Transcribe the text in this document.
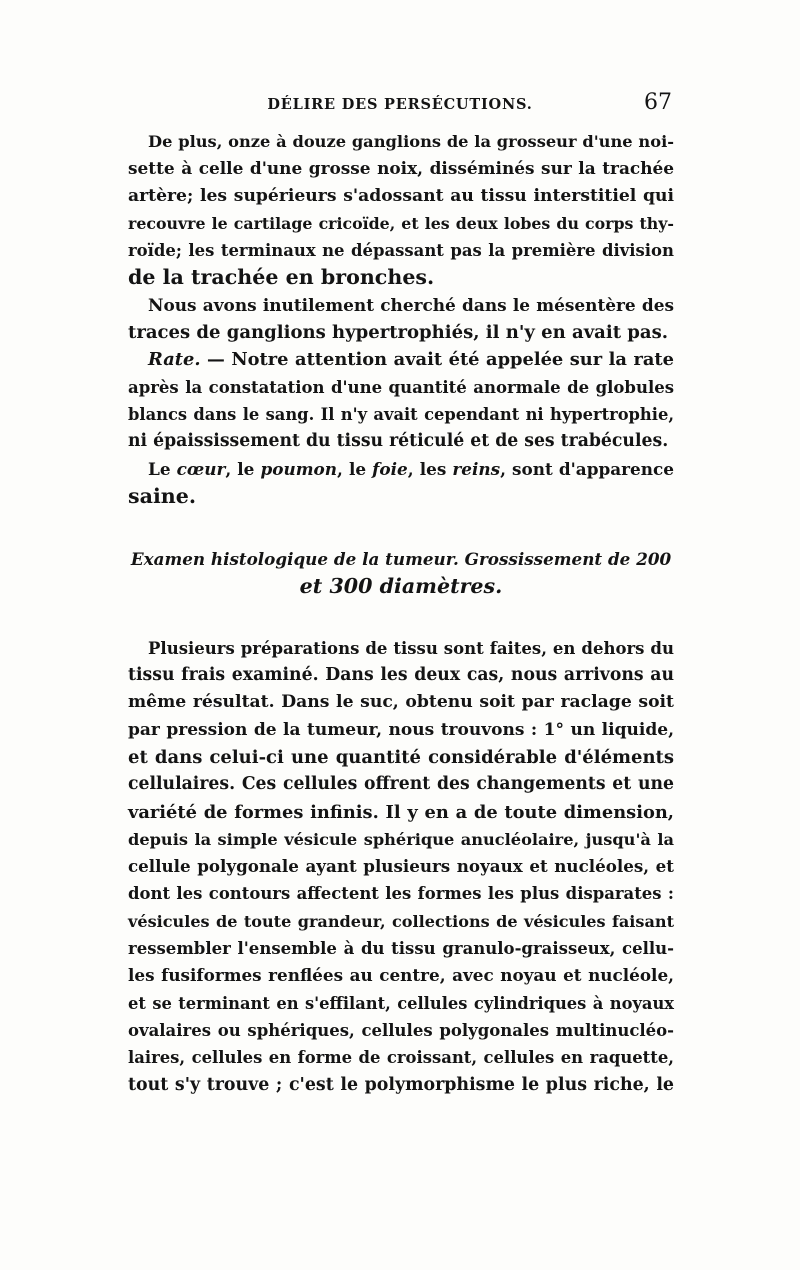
DÉLIRE DES PERSÉCUTIONS.	67
De plus, onze à douze ganglions de la grosseur d'une noi-
sette à celle d'une grosse noix, disséminés sur la trachée
artère; les supérieurs s'adossant au tissu interstitiel qui
recouvre le cartilage cricoïde, et les deux lobes du corps thy-
roïde; les terminaux ne dépassant pas la première division
de la trachée en bronches.
Nous avons inutilement cherché dans le mésentère des
traces de ganglions hypertrophiés, il n'y en avait pas.
Rate. — Notre attention avait été appelée sur la rate
après la constatation d'une quantité anormale de globules
blancs dans le sang. Il n'y avait cependant ni hypertrophie,
ni épaississement du tissu réticulé et de ses trabécules.
Le cœur, le poumon, le foie, les reins, sont d'apparence
saine.
Examen histologique de la tumeur. Grossissement de 200
et 300 diamètres.
Plusieurs préparations de tissu sont faites, en dehors du
tissu frais examiné. Dans les deux cas, nous arrivons au
même résultat. Dans le suc, obtenu soit par raclage soit
par pression de la tumeur, nous trouvons : 1° un liquide,
et dans celui-ci une quantité considérable d'éléments
cellulaires. Ces cellules offrent des changements et une
variété de formes infinis. Il y en a de toute dimension,
depuis la simple vésicule sphérique anucléolaire, jusqu'à la
cellule polygonale ayant plusieurs noyaux et nucléoles, et
dont les contours affectent les formes les plus disparates :
vésicules de toute grandeur, collections de vésicules faisant
ressembler l'ensemble à du tissu granulo-graisseux, cellu-
les fusiformes renflées au centre, avec noyau et nucléole,
et se terminant en s'effilant, cellules cylindriques à noyaux
ovalaires ou sphériques, cellules polygonales multinucléo-
laires, cellules en forme de croissant, cellules en raquette,
tout s'y trouve ; c'est le polymorphisme le plus riche, le
